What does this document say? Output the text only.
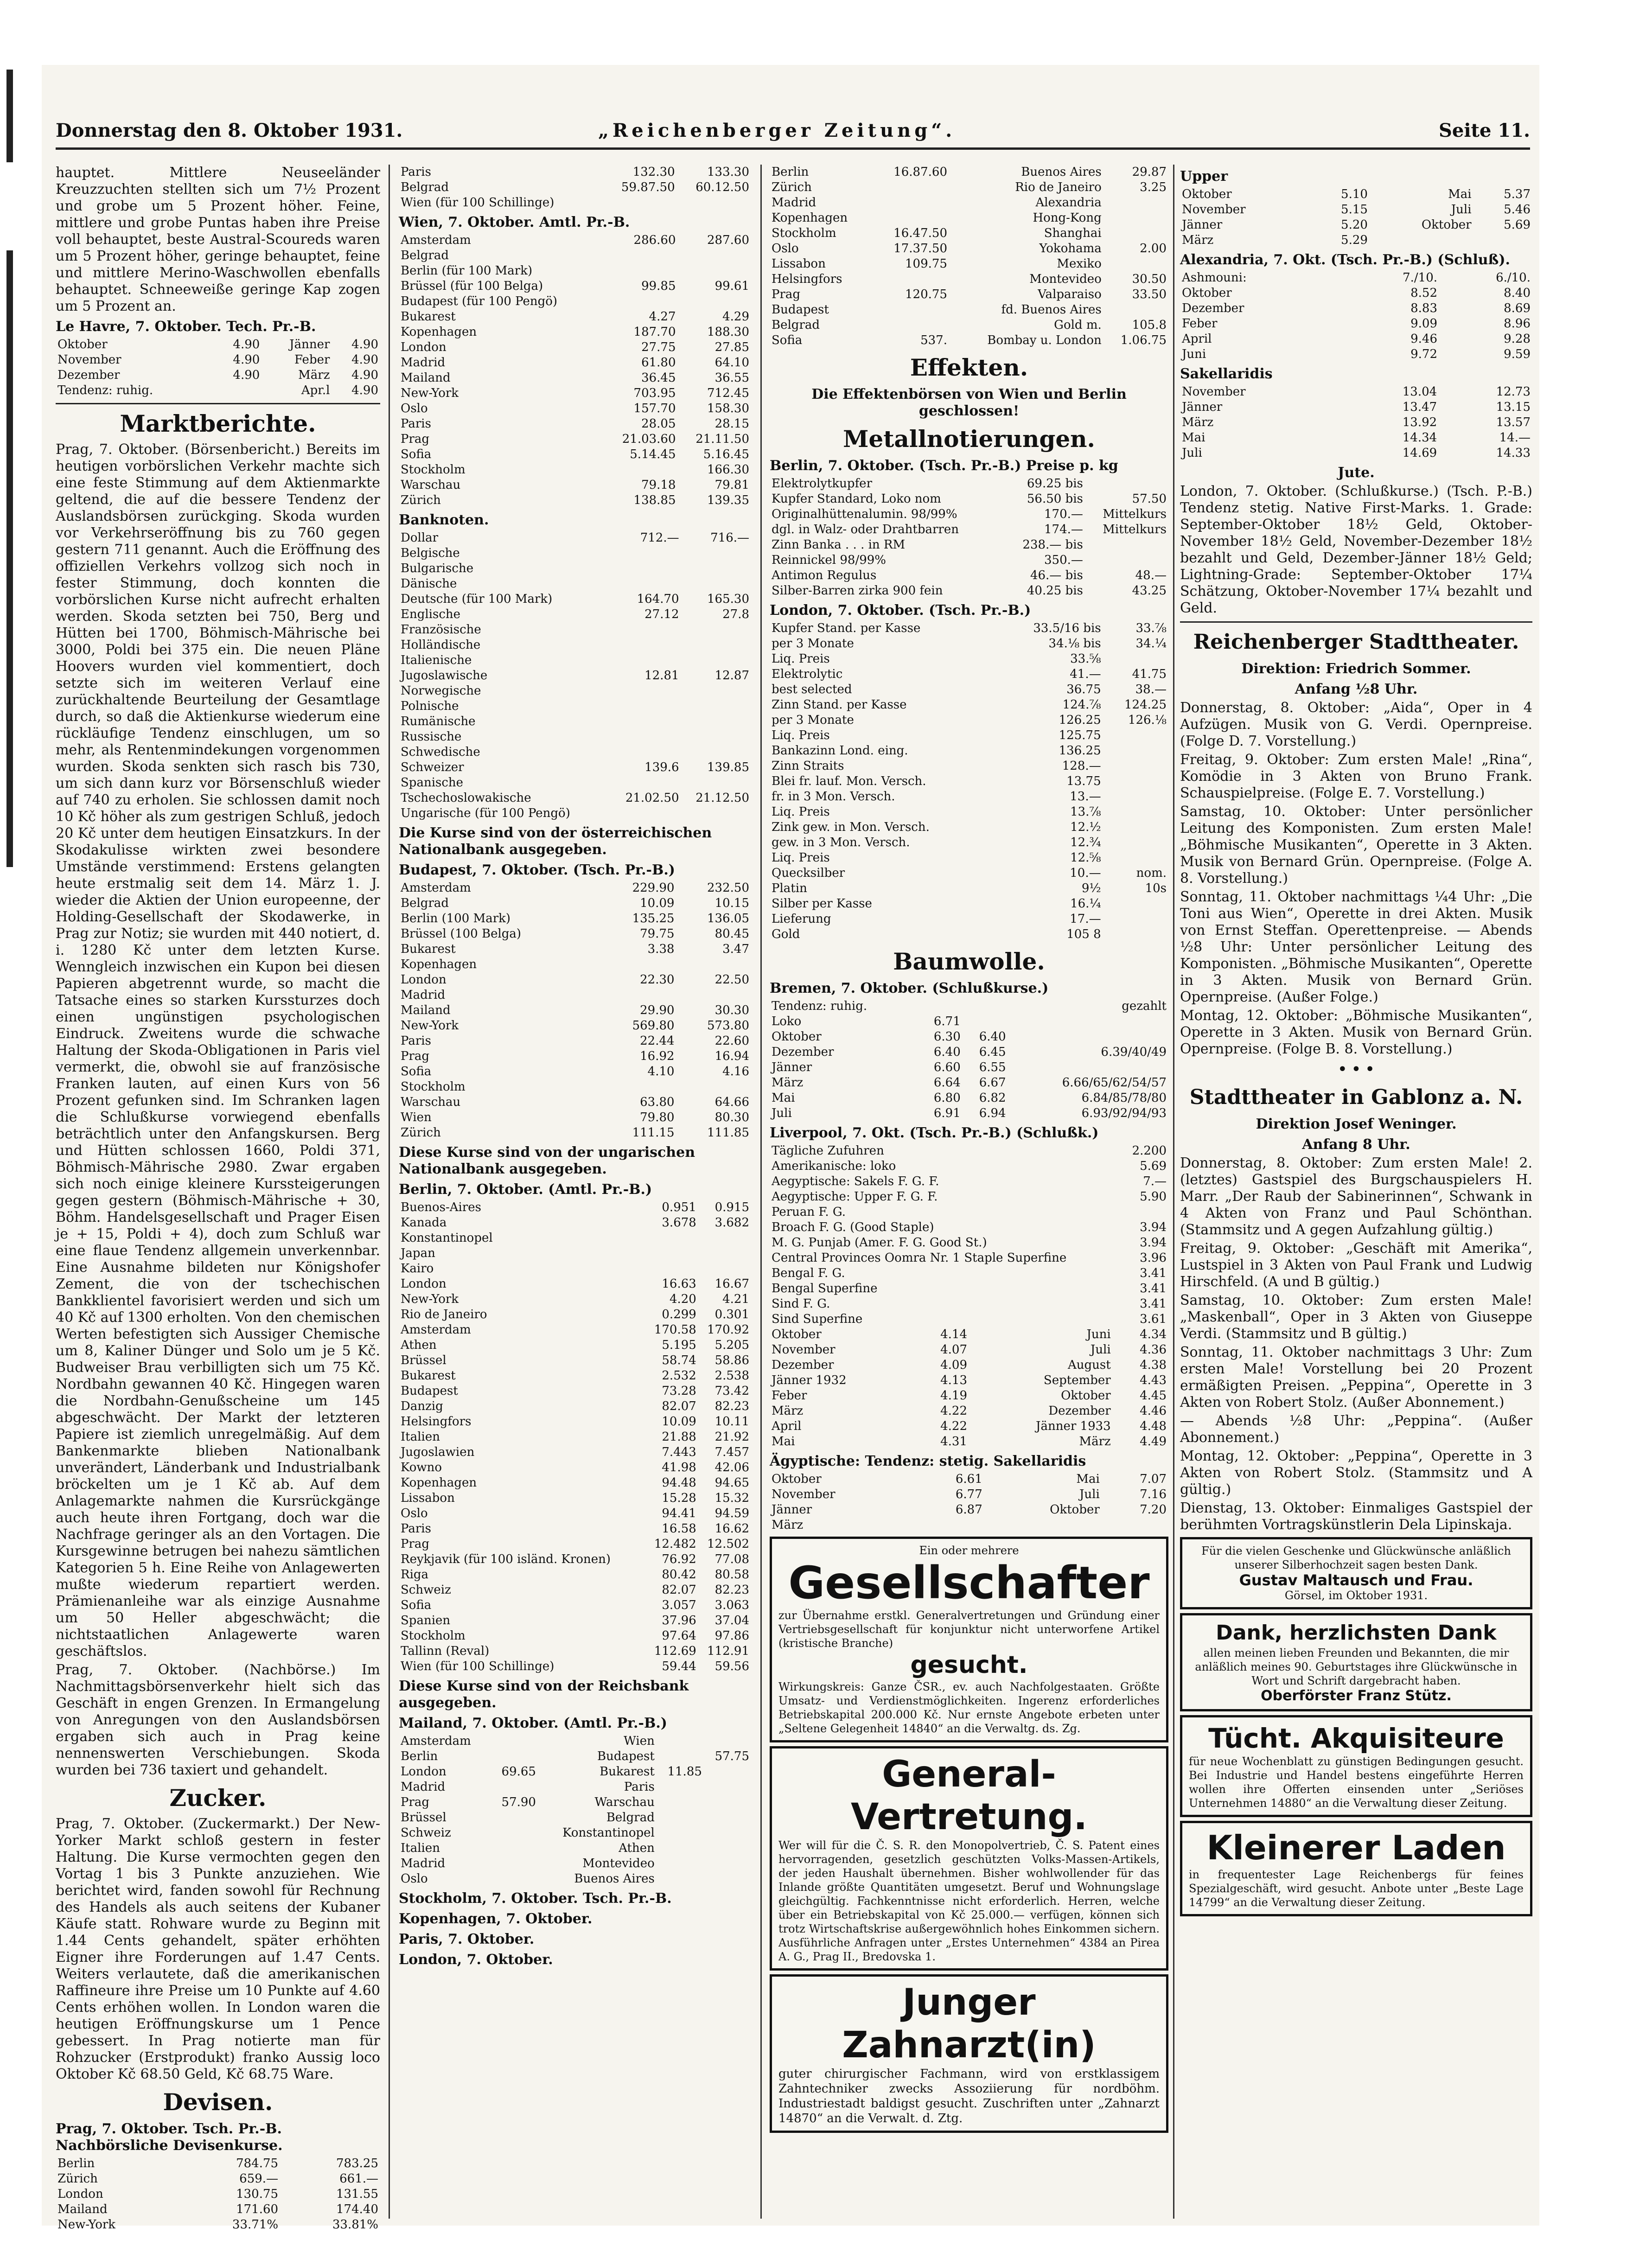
Donnerstag den 8. Oktober 1931.	„Reichenberger Zeitung“.	Seite 11.

hauptet. Mittlere Neuseeländer Kreuzzuchten stellten sich um 7½ Prozent und grobe um 5 Prozent höher. Feine, mittlere und grobe Puntas haben ihre Preise voll behauptet, beste Austral-Scoureds waren um 5 Prozent höher, geringe behauptet, feine und mittlere Merino-Waschwollen ebenfalls behauptet. Schneeweiße geringe Kap zogen um 5 Prozent an.

Le Havre, 7. Oktober. Tech. Pr.-B.
Oktober	4.90	Jänner	4.90
November	4.90	Feber	4.90
Dezember	4.90	März	4.90
Tendenz: ruhig.		Apr.l	4.90
Marktberichte.

Prag, 7. Oktober. (Börsenbericht.) Bereits im heutigen vorbörslichen Verkehr machte sich eine feste Stimmung auf dem Aktienmarkte geltend, die auf die bessere Tendenz der Auslandsbörsen zurückging. Skoda wurden vor Verkehrseröffnung bis zu 760 gegen gestern 711 genannt. Auch die Eröffnung des offiziellen Verkehrs vollzog sich noch in fester Stimmung, doch konnten die vorbörslichen Kurse nicht aufrecht erhalten werden. Skoda setzten bei 750, Berg und Hütten bei 1700, Böhmisch-Mährische bei 3000, Poldi bei 375 ein. Die neuen Pläne Hoovers wurden viel kommentiert, doch setzte sich im weiteren Verlauf eine zurückhaltende Beurteilung der Gesamtlage durch, so daß die Aktienkurse wiederum eine rückläufige Tendenz einschlugen, um so mehr, als Rentenmindekungen vorgenommen wurden. Skoda senkten sich rasch bis 730, um sich dann kurz vor Börsenschluß wieder auf 740 zu erholen. Sie schlossen damit noch 10 Kč höher als zum gestrigen Schluß, jedoch 20 Kč unter dem heutigen Einsatzkurs. In der Skodakulisse wirkten zwei besondere Umstände verstimmend: Erstens gelangten heute erstmalig seit dem 14. März 1. J. wieder die Aktien der Union europeenne, der Holding-Gesellschaft der Skodawerke, in Prag zur Notiz; sie wurden mit 440 notiert, d. i. 1280 Kč unter dem letzten Kurse. Wenngleich inzwischen ein Kupon bei diesen Papieren abgetrennt wurde, so macht die Tatsache eines so starken Kurssturzes doch einen ungünstigen psychologischen Eindruck. Zweitens wurde die schwache Haltung der Skoda-Obligationen in Paris viel vermerkt, die, obwohl sie auf französische Franken lauten, auf einen Kurs von 56 Prozent gefunken sind. Im Schranken lagen die Schlußkurse vorwiegend ebenfalls beträchtlich unter den Anfangskursen. Berg und Hütten schlossen 1660, Poldi 371, Böhmisch-Mährische 2980. Zwar ergaben sich noch einige kleinere Kurssteigerungen gegen gestern (Böhmisch-Mährische + 30, Böhm. Handelsgesellschaft und Prager Eisen je + 15, Poldi + 4), doch zum Schluß war eine flaue Tendenz allgemein unverkennbar. Eine Ausnahme bildeten nur Königshofer Zement, die von der tschechischen Bankklientel favorisiert werden und sich um 40 Kč auf 1300 erholten. Von den chemischen Werten befestigten sich Aussiger Chemische um 8, Kaliner Dünger und Solo um je 5 Kč. Budweiser Brau verbilligten sich um 75 Kč. Nordbahn gewannen 40 Kč. Hingegen waren die Nordbahn-Genußscheine um 145 abgeschwächt. Der Markt der letzteren Papiere ist ziemlich unregelmäßig. Auf dem Bankenmarkte blieben Nationalbank unverändert, Länderbank und Industrialbank bröckelten um je 1 Kč ab. Auf dem Anlagemarkte nahmen die Kursrückgänge auch heute ihren Fortgang, doch war die Nachfrage geringer als an den Vortagen. Die Kursgewinne betrugen bei nahezu sämtlichen Kategorien 5 h. Eine Reihe von Anlagewerten mußte wiederum repartiert werden. Prämienanleihe war als einzige Ausnahme um 50 Heller abgeschwächt; die nichtstaatlichen Anlagewerte waren geschäftslos.

Prag, 7. Oktober. (Nachbörse.) Im Nachmittagsbörsenverkehr hielt sich das Geschäft in engen Grenzen. In Ermangelung von Anregungen von den Auslandsbörsen ergaben sich auch in Prag keine nennenswerten Verschiebungen. Skoda wurden bei 736 taxiert und gehandelt.

Zucker.

Prag, 7. Oktober. (Zuckermarkt.) Der New-Yorker Markt schloß gestern in fester Haltung. Die Kurse vermochten gegen den Vortag 1 bis 3 Punkte anzuziehen. Wie berichtet wird, fanden sowohl für Rechnung des Handels als auch seitens der Kubaner Käufe statt. Rohware wurde zu Beginn mit 1.44 Cents gehandelt, später erhöhten Eigner ihre Forderungen auf 1.47 Cents. Weiters verlautete, daß die amerikanischen Raffineure ihre Preise um 10 Punkte auf 4.60 Cents erhöhen wollen. In London waren die heutigen Eröffnungskurse um 1 Pence gebessert. In Prag notierte man für Rohzucker (Erstprodukt) franko Aussig loco Oktober Kč 68.50 Geld, Kč 68.75 Ware.

Devisen.
Prag, 7. Oktober. Tsch. Pr.-B. Nachbörsliche Devisenkurse.
Berlin	784.75	783.25
Zürich	659.—	661.—
London	130.75	131.55
Mailand	171.60	174.40
New-York	33.71%	33.81%
Paris	132.30	133.30
Belgrad	59.87.50	60.12.50
Wien (für 100 Schillinge)		
Wien, 7. Oktober. Amtl. Pr.-B.
Amsterdam	286.60	287.60
Belgrad		
Berlin (für 100 Mark)		
Brüssel (für 100 Belga)	99.85	99.61
Budapest (für 100 Pengö)		
Bukarest	4.27	4.29
Kopenhagen	187.70	188.30
London	27.75	27.85
Madrid	61.80	64.10
Mailand	36.45	36.55
New-York	703.95	712.45
Oslo	157.70	158.30
Paris	28.05	28.15
Prag	21.03.60	21.11.50
Sofia	5.14.45	5.16.45
Stockholm		166.30
Warschau	79.18	79.81
Zürich	138.85	139.35
Banknoten.
Dollar	712.—	716.—
Belgische		
Bulgarische		
Dänische		
Deutsche (für 100 Mark)	164.70	165.30
Englische	27.12	27.8
Französische		
Holländische		
Italienische		
Jugoslawische	12.81	12.87
Norwegische		
Polnische		
Rumänische		
Russische		
Schwedische		
Schweizer	139.6	139.85
Spanische		
Tschechoslowakische	21.02.50	21.12.50
Ungarische (für 100 Pengö)		
Die Kurse sind von der österreichischen Nationalbank ausgegeben.
Budapest, 7. Oktober. (Tsch. Pr.-B.)
Amsterdam	229.90	232.50
Belgrad	10.09	10.15
Berlin (100 Mark)	135.25	136.05
Brüssel (100 Belga)	79.75	80.45
Bukarest	3.38	3.47
Kopenhagen		
London	22.30	22.50
Madrid		
Mailand	29.90	30.30
New-York	569.80	573.80
Paris	22.44	22.60
Prag	16.92	16.94
Sofia	4.10	4.16
Stockholm		
Warschau	63.80	64.66
Wien	79.80	80.30
Zürich	111.15	111.85
Diese Kurse sind von der ungarischen Nationalbank ausgegeben.
Berlin, 7. Oktober. (Amtl. Pr.-B.)
Buenos-Aires	0.951	0.915
Kanada	3.678	3.682
Konstantinopel		
Japan		
Kairo		
London	16.63	16.67
New-York	4.20	4.21
Rio de Janeiro	0.299	0.301
Amsterdam	170.58	170.92
Athen	5.195	5.205
Brüssel	58.74	58.86
Bukarest	2.532	2.538
Budapest	73.28	73.42
Danzig	82.07	82.23
Helsingfors	10.09	10.11
Italien	21.88	21.92
Jugoslawien	7.443	7.457
Kowno	41.98	42.06
Kopenhagen	94.48	94.65
Lissabon	15.28	15.32
Oslo	94.41	94.59
Paris	16.58	16.62
Prag	12.482	12.502
Reykjavik (für 100 isländ. Kronen)	76.92	77.08
Riga	80.42	80.58
Schweiz	82.07	82.23
Sofia	3.057	3.063
Spanien	37.96	37.04
Stockholm	97.64	97.86
Tallinn (Reval)	112.69	112.91
Wien (für 100 Schillinge)	59.44	59.56
Diese Kurse sind von der Reichsbank ausgegeben.
Mailand, 7. Oktober. (Amtl. Pr.-B.)
Amsterdam		Wien		
Berlin		Budapest		57.75
London	69.65	Bukarest	11.85	
Madrid		Paris		
Prag	57.90	Warschau		
Brüssel		Belgrad		
Schweiz		Konstantinopel		
Italien		Athen		
Madrid		Montevideo		
Oslo		Buenos Aires		
Stockholm, 7. Oktober. Tsch. Pr.-B.
Kopenhagen, 7. Oktober.
Paris, 7. Oktober.
London, 7. Oktober.
Berlin	16.87.60	Buenos Aires	29.87
Zürich		Rio de Janeiro	3.25
Madrid		Alexandria	
Kopenhagen		Hong-Kong	
Stockholm	16.47.50	Shanghai	
Oslo	17.37.50	Yokohama	2.00
Lissabon	109.75	Mexiko	
Helsingfors		Montevideo	30.50
Prag	120.75	Valparaiso	33.50
Budapest		fd. Buenos Aires	
Belgrad		Gold m.	105.8
Sofia	537.	Bombay u. London	1.06.75
Effekten.
Die Effektenbörsen von Wien und Berlin geschlossen!
Metallnotierungen.
Berlin, 7. Oktober. (Tsch. Pr.-B.) Preise p. kg
Elektrolytkupfer	69.25 bis	
Kupfer Standard, Loko nom	56.50 bis	57.50
Originalhüttenalumin. 98/99%	170.—	Mittelkurs
dgl. in Walz- oder Drahtbarren	174.—	Mittelkurs
Zinn Banka . . . in RM	238.— bis	
Reinnickel 98/99%	350.—	
Antimon Regulus	46.— bis	48.—
Silber-Barren zirka 900 fein	40.25 bis	43.25
London, 7. Oktober. (Tsch. Pr.-B.)
Kupfer Stand. per Kasse	33.5/16 bis	33.⅞
per 3 Monate	34.⅛ bis	34.¼
Liq. Preis	33.⅝	
Elektrolytic	41.—	41.75
best selected	36.75	38.—
Zinn Stand. per Kasse	124.⅞	124.25
per 3 Monate	126.25	126.⅛
Liq. Preis	125.75	
Bankazinn Lond. eing.	136.25	
Zinn Straits	128.—	
Blei fr. lauf. Mon. Versch.	13.75	
fr. in 3 Mon. Versch.	13.—	
Liq. Preis	13.⅞	
Zink gew. in Mon. Versch.	12.½	
gew. in 3 Mon. Versch.	12.¾	
Liq. Preis	12.⅝	
Quecksilber	10.—	nom.
Platin	9½	10s
Silber per Kasse	16.¼	
Lieferung	17.—	
Gold	105 8	
Baumwolle.
Bremen, 7. Oktober. (Schlußkurse.)
Tendenz: ruhig.			gezahlt
Loko	6.71		
Oktober	6.30	6.40	
Dezember	6.40	6.45	6.39/40/49
Jänner	6.60	6.55	
März	6.64	6.67	6.66/65/62/54/57
Mai	6.80	6.82	6.84/85/78/80
Juli	6.91	6.94	6.93/92/94/93
Liverpool, 7. Okt. (Tsch. Pr.-B.) (Schlußk.)
Tägliche Zufuhren	2.200
Amerikanische: loko	5.69
Aegyptische: Sakels F. G. F.	7.—
Aegyptische: Upper F. G. F.	5.90
Peruan F. G.	
Broach F. G. (Good Staple)	3.94
M. G. Punjab (Amer. F. G. Good St.)	3.94
Central Provinces Oomra Nr. 1 Staple Superfine	3.96
Bengal F. G.	3.41
Bengal Superfine	3.41
Sind F. G.	3.41
Sind Superfine	3.61
Oktober	4.14	Juni	4.34
November	4.07	Juli	4.36
Dezember	4.09	August	4.38
Jänner 1932	4.13	September	4.43
Feber	4.19	Oktober	4.45
März	4.22	Dezember	4.46
April	4.22	Jänner 1933	4.48
Mai	4.31	März	4.49
Ägyptische: Tendenz: stetig. Sakellaridis
Oktober	6.61	Mai	7.07
November	6.77	Juli	7.16
Jänner	6.87	Oktober	7.20
März			
Ein oder mehrere
Gesellschafter
zur Übernahme erstkl. Generalvertretungen und Gründung einer Vertriebsgesellschaft für konjunktur nicht unterworfene Artikel (kristische Branche)
gesucht.
Wirkungskreis: Ganze ČSR., ev. auch Nachfolgestaaten. Größte Umsatz- und Verdienstmöglichkeiten. Ingerenz erforderliches Betriebskapital 200.000 Kč. Nur ernste Angebote erbeten unter „Seltene Gelegenheit 14840“ an die Verwaltg. ds. Zg.
General-Vertretung.
Wer will für die Č. S. R. den Monopolvertrieb, Č. S. Patent eines hervorragenden, gesetzlich geschützten Volks-Massen-Artikels, der jeden Haushalt übernehmen. Bisher wohlwollender für das Inlande größte Quantitäten umgesetzt. Beruf und Wohnungslage gleichgültig. Fachkenntnisse nicht erforderlich. Herren, welche über ein Betriebskapital von Kč 25.000.— verfügen, können sich trotz Wirtschaftskrise außergewöhnlich hohes Einkommen sichern. Ausführliche Anfragen unter „Erstes Unternehmen“ 4384 an Pirea A. G., Prag II., Bredovska 1.
Junger Zahnarzt(in)
guter chirurgischer Fachmann, wird von erstklassigem Zahntechniker zwecks Assoziierung für nordböhm. Industriestadt baldigst gesucht. Zuschriften unter „Zahnarzt 14870“ an die Verwalt. d. Ztg.
Upper
Oktober	5.10	Mai	5.37
November	5.15	Juli	5.46
Jänner	5.20	Oktober	5.69
März	5.29		
Alexandria, 7. Okt. (Tsch. Pr.-B.) (Schluß).
Ashmouni:	7./10.	6./10.
Oktober	8.52	8.40
Dezember	8.83	8.69
Feber	9.09	8.96
April	9.46	9.28
Juni	9.72	9.59
Sakellaridis
November	13.04	12.73
Jänner	13.47	13.15
März	13.92	13.57
Mai	14.34	14.—
Juli	14.69	14.33
Jute.

London, 7. Oktober. (Schlußkurse.) (Tsch. P.-B.) Tendenz stetig. Native First-Marks. 1. Grade: September-Oktober 18½ Geld, Oktober-November 18½ Geld, November-Dezember 18½ bezahlt und Geld, Dezember-Jänner 18½ Geld; Lightning-Grade: September-Oktober 17¼ Schätzung, Oktober-November 17¼ bezahlt und Geld.

Reichenberger Stadttheater.
Direktion: Friedrich Sommer.
Anfang ½8 Uhr.

Donnerstag, 8. Oktober: „Aida“, Oper in 4 Aufzügen. Musik von G. Verdi. Opernpreise. (Folge D. 7. Vorstellung.)

Freitag, 9. Oktober: Zum ersten Male! „Rina“, Komödie in 3 Akten von Bruno Frank. Schauspielpreise. (Folge E. 7. Vorstellung.)

Samstag, 10. Oktober: Unter persönlicher Leitung des Komponisten. Zum ersten Male! „Böhmische Musikanten“, Operette in 3 Akten. Musik von Bernard Grün. Opernpreise. (Folge A. 8. Vorstellung.)

Sonntag, 11. Oktober nachmittags ¼4 Uhr: „Die Toni aus Wien“, Operette in drei Akten. Musik von Ernst Steffan. Operettenpreise. — Abends ½8 Uhr: Unter persönlicher Leitung des Komponisten. „Böhmische Musikanten“, Operette in 3 Akten. Musik von Bernard Grün. Opernpreise. (Außer Folge.)

Montag, 12. Oktober: „Böhmische Musikanten“, Operette in 3 Akten. Musik von Bernard Grün. Opernpreise. (Folge B. 8. Vorstellung.)

• • •
Stadttheater in Gablonz a. N.
Direktion Josef Weninger.
Anfang 8 Uhr.

Donnerstag, 8. Oktober: Zum ersten Male! 2. (letztes) Gastspiel des Burgschauspielers H. Marr. „Der Raub der Sabinerinnen“, Schwank in 4 Akten von Franz und Paul Schönthan. (Stammsitz und A gegen Aufzahlung gültig.)

Freitag, 9. Oktober: „Geschäft mit Amerika“, Lustspiel in 3 Akten von Paul Frank und Ludwig Hirschfeld. (A und B gültig.)

Samstag, 10. Oktober: Zum ersten Male! „Maskenball“, Oper in 3 Akten von Giuseppe Verdi. (Stammsitz und B gültig.)

Sonntag, 11. Oktober nachmittags 3 Uhr: Zum ersten Male! Vorstellung bei 20 Prozent ermäßigten Preisen. „Peppina“, Operette in 3 Akten von Robert Stolz. (Außer Abonnement.)

— Abends ½8 Uhr: „Peppina“. (Außer Abonnement.)

Montag, 12. Oktober: „Peppina“, Operette in 3 Akten von Robert Stolz. (Stammsitz und A gültig.)

Dienstag, 13. Oktober: Einmaliges Gastspiel der berühmten Vortragskünstlerin Dela Lipinskaja.

Für die vielen Geschenke und Glückwünsche anläßlich unserer Silberhochzeit sagen besten Dank.
Gustav Maltausch und Frau.
Görsel, im Oktober 1931.
Dank, herzlichsten Dank
allen meinen lieben Freunden und Bekannten, die mir anläßlich meines 90. Geburtstages ihre Glückwünsche in Wort und Schrift dargebracht haben.
Oberförster Franz Stütz.
Tücht. Akquisiteure
für neue Wochenblatt zu günstigen Bedingungen gesucht. Bei Industrie und Handel bestens eingeführte Herren wollen ihre Offerten einsenden unter „Seriöses Unternehmen 14880“ an die Verwaltung dieser Zeitung.
Kleinerer Laden
in frequentester Lage Reichenbergs für feines Spezialgeschäft, wird gesucht. Anbote unter „Beste Lage 14799“ an die Verwaltung dieser Zeitung.
